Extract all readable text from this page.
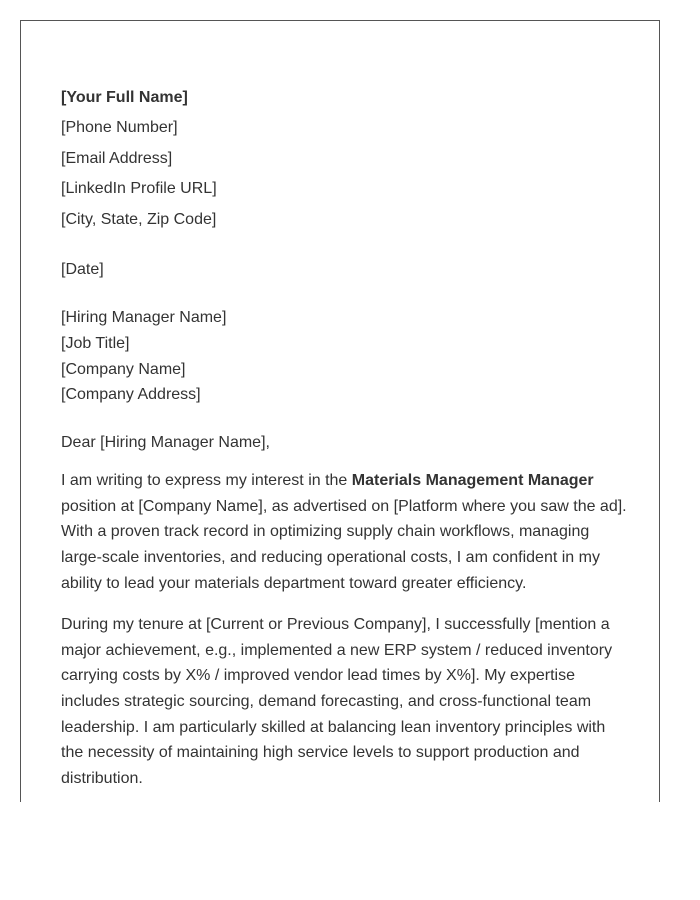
[Your Full Name]
[Phone Number]
[Email Address]
[LinkedIn Profile URL]
[City, State, Zip Code]
[Date]
[Hiring Manager Name]
[Job Title]
[Company Name]
[Company Address]
Dear [Hiring Manager Name],

I am writing to express my interest in the Materials Management Manager position at [Company Name], as advertised on [Platform where you saw the ad]. With a proven track record in optimizing supply chain workflows, managing large-scale inventories, and reducing operational costs, I am confident in my ability to lead your materials department toward greater efficiency.

During my tenure at [Current or Previous Company], I successfully [mention a major achievement, e.g., implemented a new ERP system / reduced inventory carrying costs by X% / improved vendor lead times by X%]. My expertise includes strategic sourcing, demand forecasting, and cross-functional team leadership. I am particularly skilled at balancing lean inventory principles with the necessity of maintaining high service levels to support production and distribution.
